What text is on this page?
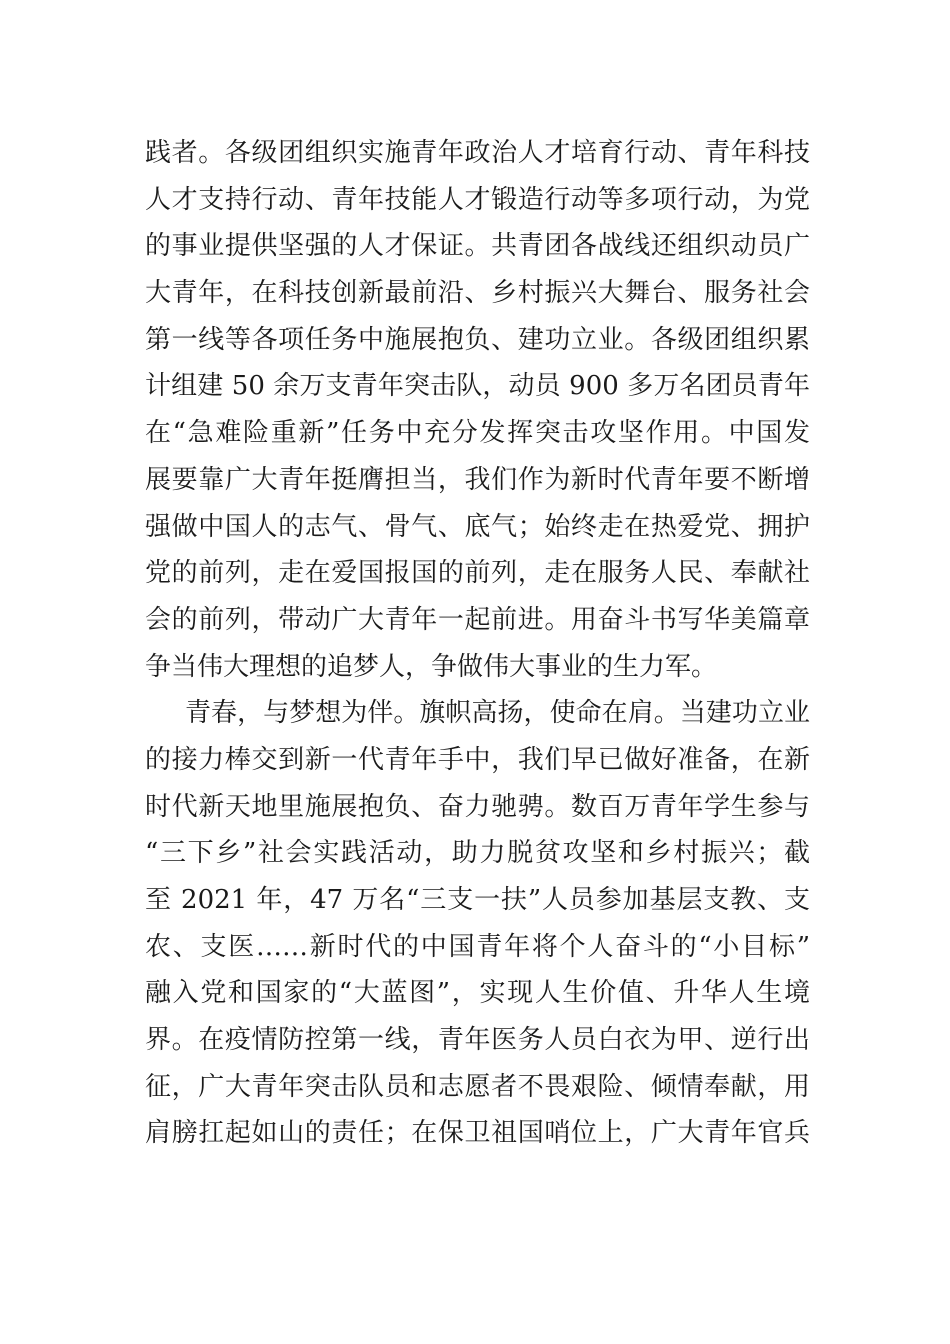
践者。各级团组织实施青年政治人才培育行动、青年科技
人才支持行动、青年技能人才锻造行动等多项行动，为党
的事业提供坚强的人才保证。共青团各战线还组织动员广
大青年，在科技创新最前沿、乡村振兴大舞台、服务社会
第一线等各项任务中施展抱负、建功立业。各级团组织累
计组建 50 余万支青年突击队，动员 900 多万名团员青年
在“急难险重新”任务中充分发挥突击攻坚作用。中国发
展要靠广大青年挺膺担当，我们作为新时代青年要不断增
强做中国人的志气、骨气、底气；始终走在热爱党、拥护
党的前列，走在爱国报国的前列，走在服务人民、奉献社
会的前列，带动广大青年一起前进。用奋斗书写华美篇章
争当伟大理想的追梦人，争做伟大事业的生力军。
青春，与梦想为伴。旗帜高扬，使命在肩。当建功立业
的接力棒交到新一代青年手中，我们早已做好准备，在新
时代新天地里施展抱负、奋力驰骋。数百万青年学生参与
“三下乡”社会实践活动，助力脱贫攻坚和乡村振兴；截
至 2021 年，47 万名“三支一扶”人员参加基层支教、支
农、支医……新时代的中国青年将个人奋斗的“小目标”
融入党和国家的“大蓝图”，实现人生价值、升华人生境
界。在疫情防控第一线，青年医务人员白衣为甲、逆行出
征，广大青年突击队员和志愿者不畏艰险、倾情奉献，用
肩膀扛起如山的责任；在保卫祖国哨位上，广大青年官兵
